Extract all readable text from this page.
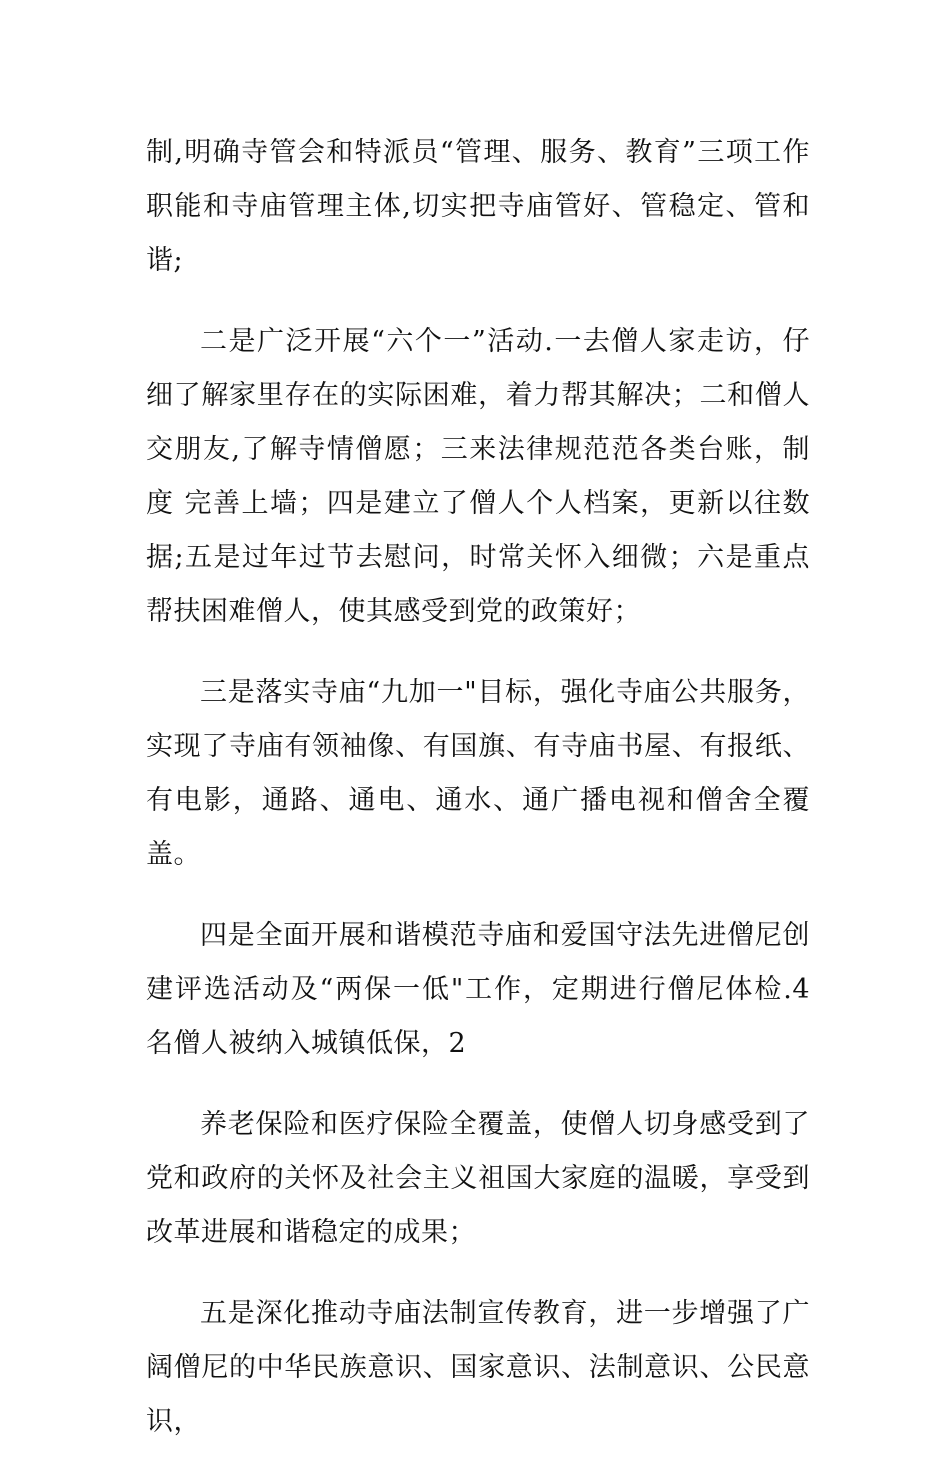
制,明确寺管会和特派员“管理、服务、教育”三项工作职能和寺庙管理主体,切实把寺庙管好、管稳定、管和谐;

二是广泛开展“六个一”活动.一去僧人家走访，仔细了解家里存在的实际困难，着力帮其解决；二和僧人交朋友,了解寺情僧愿；三来法律规范范各类台账，制度 完善上墙；四是建立了僧人个人档案，更新以往数据;五是过年过节去慰问，时常关怀入细微；六是重点帮扶困难僧人，使其感受到党的政策好；

三是落实寺庙“九加一"目标，强化寺庙公共服务，实现了寺庙有领袖像、有国旗、有寺庙书屋、有报纸、有电影，通路、通电、通水、通广播电视和僧舍全覆盖。

四是全面开展和谐模范寺庙和爱国守法先进僧尼创建评选活动及“两保一低"工作，定期进行僧尼体检.4 名僧人被纳入城镇低保，2

养老保险和医疗保险全覆盖，使僧人切身感受到了党和政府的关怀及社会主义祖国大家庭的温暖，享受到改革进展和谐稳定的成果；

五是深化推动寺庙法制宣传教育，进一步增强了广阔僧尼的中华民族意识、国家意识、法制意识、公民意识，
